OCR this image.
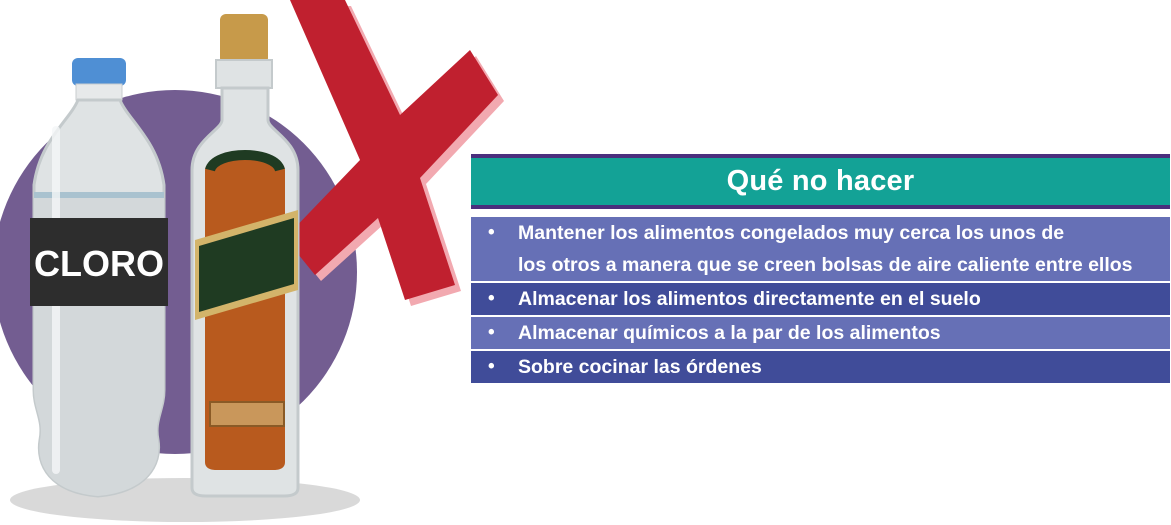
CLORO
Qué no hacer
• Mantener los alimentos congelados muy cerca los unos de
los otros a manera que se creen bolsas de aire caliente entre ellos
• Almacenar los alimentos directamente en el suelo
• Almacenar químicos a la par de los alimentos
• Sobre cocinar las órdenes
